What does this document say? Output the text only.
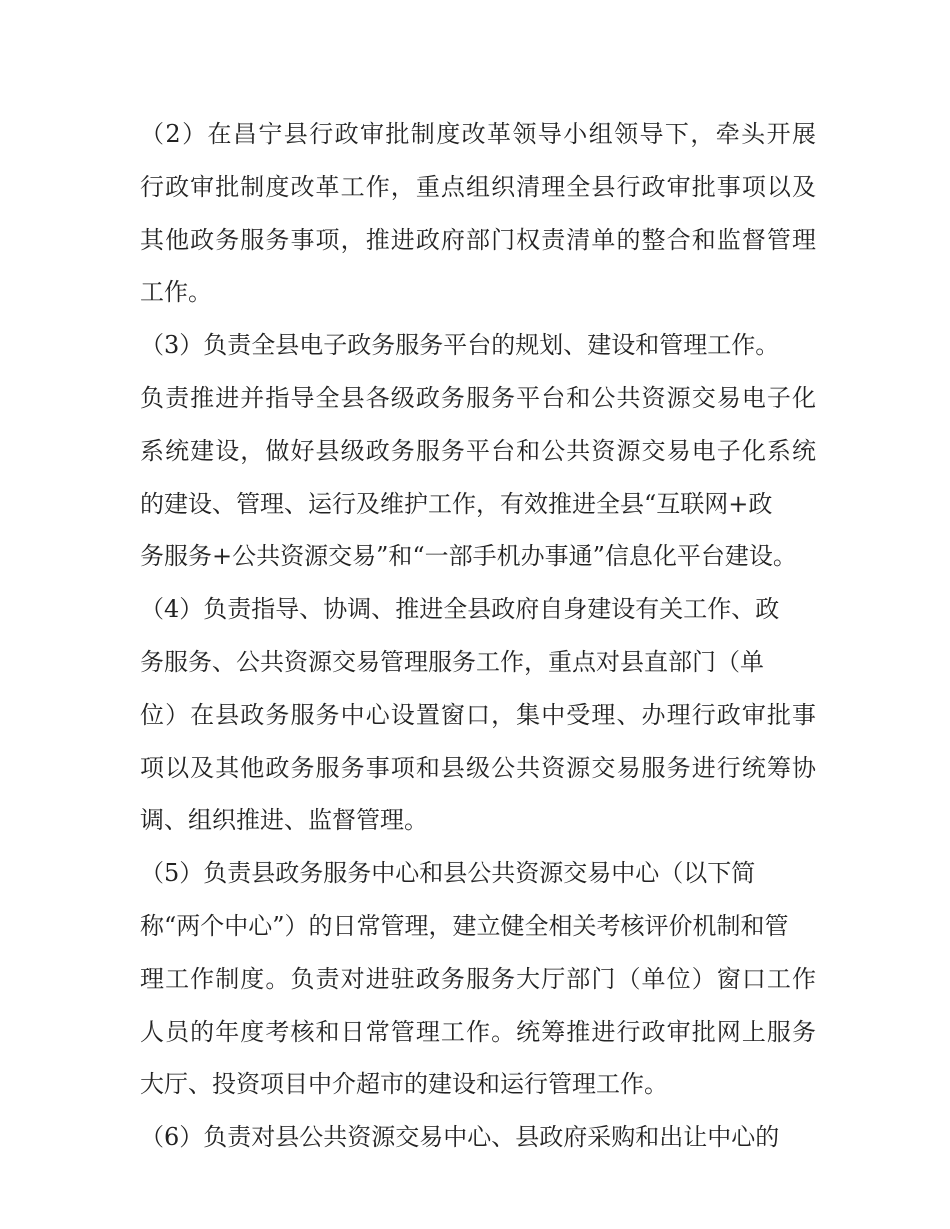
（2）在昌宁县行政审批制度改革领导小组领导下，牵头开展
行政审批制度改革工作，重点组织清理全县行政审批事项以及
其他政务服务事项，推进政府部门权责清单的整合和监督管理
工作。
（3）负责全县电子政务服务平台的规划、建设和管理工作。
负责推进并指导全县各级政务服务平台和公共资源交易电子化
系统建设，做好县级政务服务平台和公共资源交易电子化系统
的建设、管理、运行及维护工作，有效推进全县“互联网+政
务服务+公共资源交易”和“一部手机办事通”信息化平台建设。
（4）负责指导、协调、推进全县政府自身建设有关工作、政
务服务、公共资源交易管理服务工作，重点对县直部门（单
位）在县政务服务中心设置窗口，集中受理、办理行政审批事
项以及其他政务服务事项和县级公共资源交易服务进行统筹协
调、组织推进、监督管理。
（5）负责县政务服务中心和县公共资源交易中心（以下简
称“两个中心”）的日常管理，建立健全相关考核评价机制和管
理工作制度。负责对进驻政务服务大厅部门（单位）窗口工作
人员的年度考核和日常管理工作。统筹推进行政审批网上服务
大厅、投资项目中介超市的建设和运行管理工作。
（6）负责对县公共资源交易中心、县政府采购和出让中心的
